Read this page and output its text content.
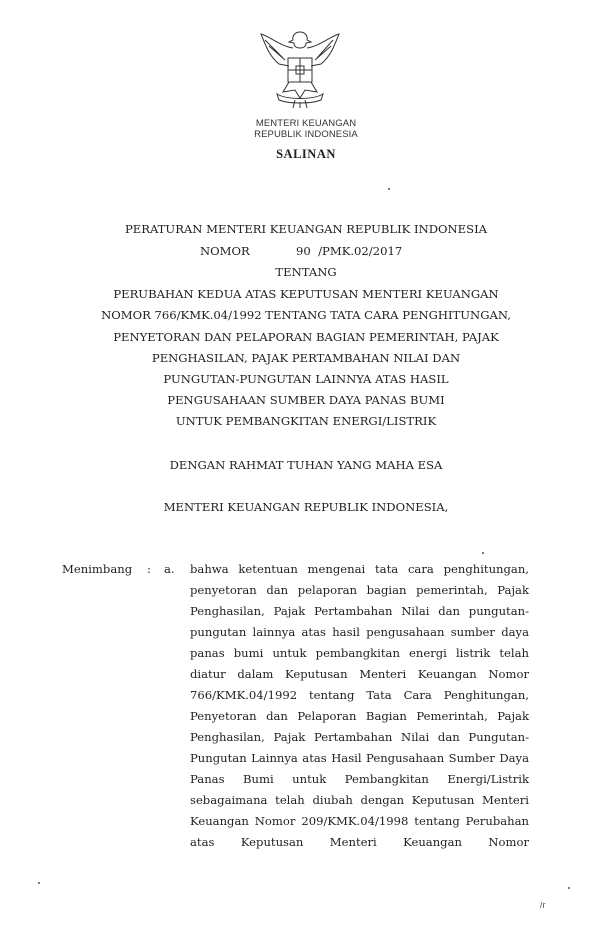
MENTERI KEUANGAN
REPUBLIK INDONESIA
SALINAN
PERATURAN MENTERI KEUANGAN REPUBLIK INDONESIA
NOMOR	90  /PMK.02/2017
TENTANG
PERUBAHAN KEDUA ATAS KEPUTUSAN MENTERI KEUANGAN
NOMOR 766/KMK.04/1992 TENTANG TATA CARA PENGHITUNGAN,
PENYETORAN DAN PELAPORAN BAGIAN PEMERINTAH, PAJAK
PENGHASILAN, PAJAK PERTAMBAHAN NILAI DAN
PUNGUTAN-PUNGUTAN LAINNYA ATAS HASIL
PENGUSAHAAN SUMBER DAYA PANAS BUMI
UNTUK PEMBANGKITAN ENERGI/LISTRIK
DENGAN RAHMAT TUHAN YANG MAHA ESA
MENTERI KEUANGAN REPUBLIK INDONESIA,
Menimbang : a. bahwa ketentuan mengenai tata cara penghitungan,
penyetoran dan pelaporan bagian pemerintah, Pajak
Penghasilan, Pajak Pertambahan Nilai dan pungutan-
pungutan lainnya atas hasil pengusahaan sumber daya
panas bumi untuk pembangkitan energi listrik telah
diatur dalam Keputusan Menteri Keuangan Nomor
766/KMK.04/1992 tentang Tata Cara Penghitungan,
Penyetoran dan Pelaporan Bagian Pemerintah, Pajak
Penghasilan, Pajak Pertambahan Nilai dan Pungutan-
Pungutan Lainnya atas Hasil Pengusahaan Sumber Daya
Panas Bumi untuk Pembangkitan Energi/Listrik
sebagaimana telah diubah dengan Keputusan Menteri
Keuangan Nomor 209/KMK.04/1998 tentang Perubahan
atas Keputusan Menteri Keuangan Nomor
/r
